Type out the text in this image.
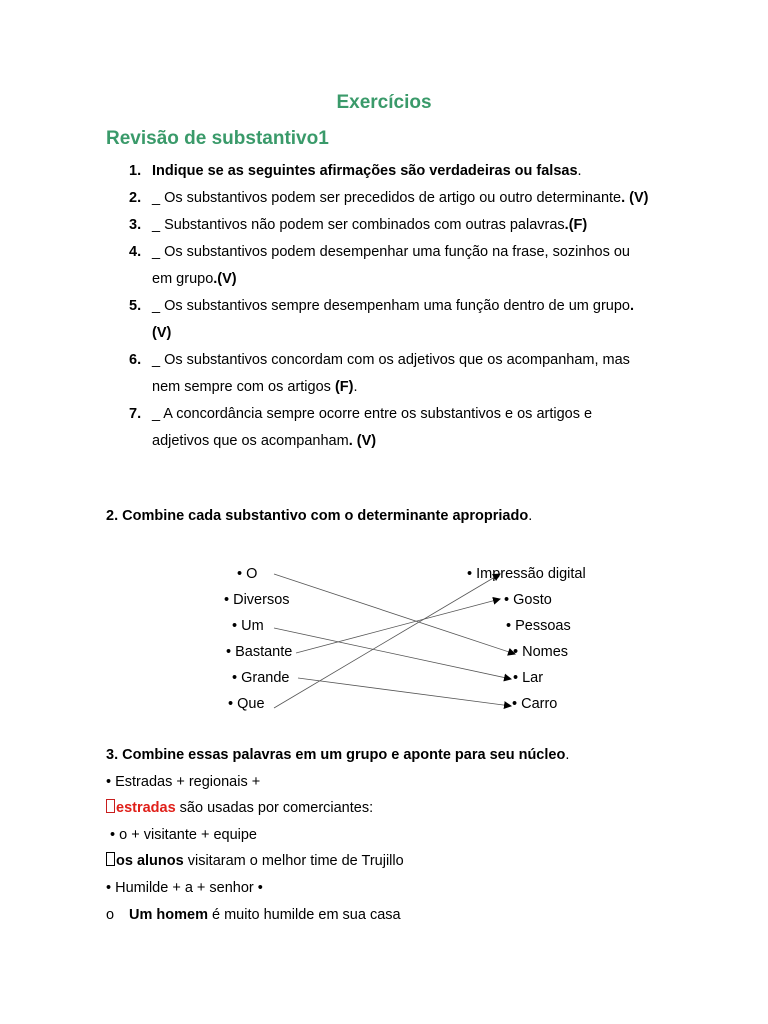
Exercícios
Revisão de substantivo1
1. Indique se as seguintes afirmações são verdadeiras ou falsas.
2. _ Os substantivos podem ser precedidos de artigo ou outro determinante. (V)
3. _ Substantivos não podem ser combinados com outras palavras.(F)
4. _ Os substantivos podem desempenhar uma função na frase, sozinhos ou em grupo.(V)
5. _ Os substantivos sempre desempenham uma função dentro de um grupo. (V)
6. _ Os substantivos concordam com os adjetivos que os acompanham, mas nem sempre com os artigos (F).
7. _ A concordância sempre ocorre entre os substantivos e os artigos e adjetivos que os acompanham. (V)
2. Combine cada substantivo com o determinante apropriado.
• O
• Diversos
• Um
• Bastante
• Grande
• Que
• Impressão digital
• Gosto
• Pessoas
• Nomes
• Lar
• Carro
3. Combine essas palavras em um grupo e aponte para seu núcleo.
• Estradas + regionais +
estradas são usadas por comerciantes:
• o + visitante + equipe
os alunos visitaram o melhor time de Trujillo
• Humilde + a + senhor •
o Um homem é muito humilde em sua casa
